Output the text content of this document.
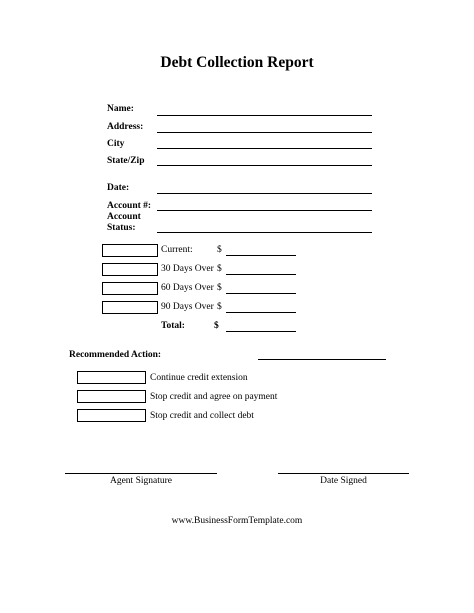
Debt Collection Report
Name:
Address:
City
State/Zip
Date:
Account #:
Account
Status:
Current:	$
30 Days Over $
60 Days Over $
90 Days Over $
Total:	$
Recommended Action:
Continue credit extension
Stop credit and agree on payment
Stop credit and collect debt
Agent Signature	Date Signed
www.BusinessFormTemplate.com
